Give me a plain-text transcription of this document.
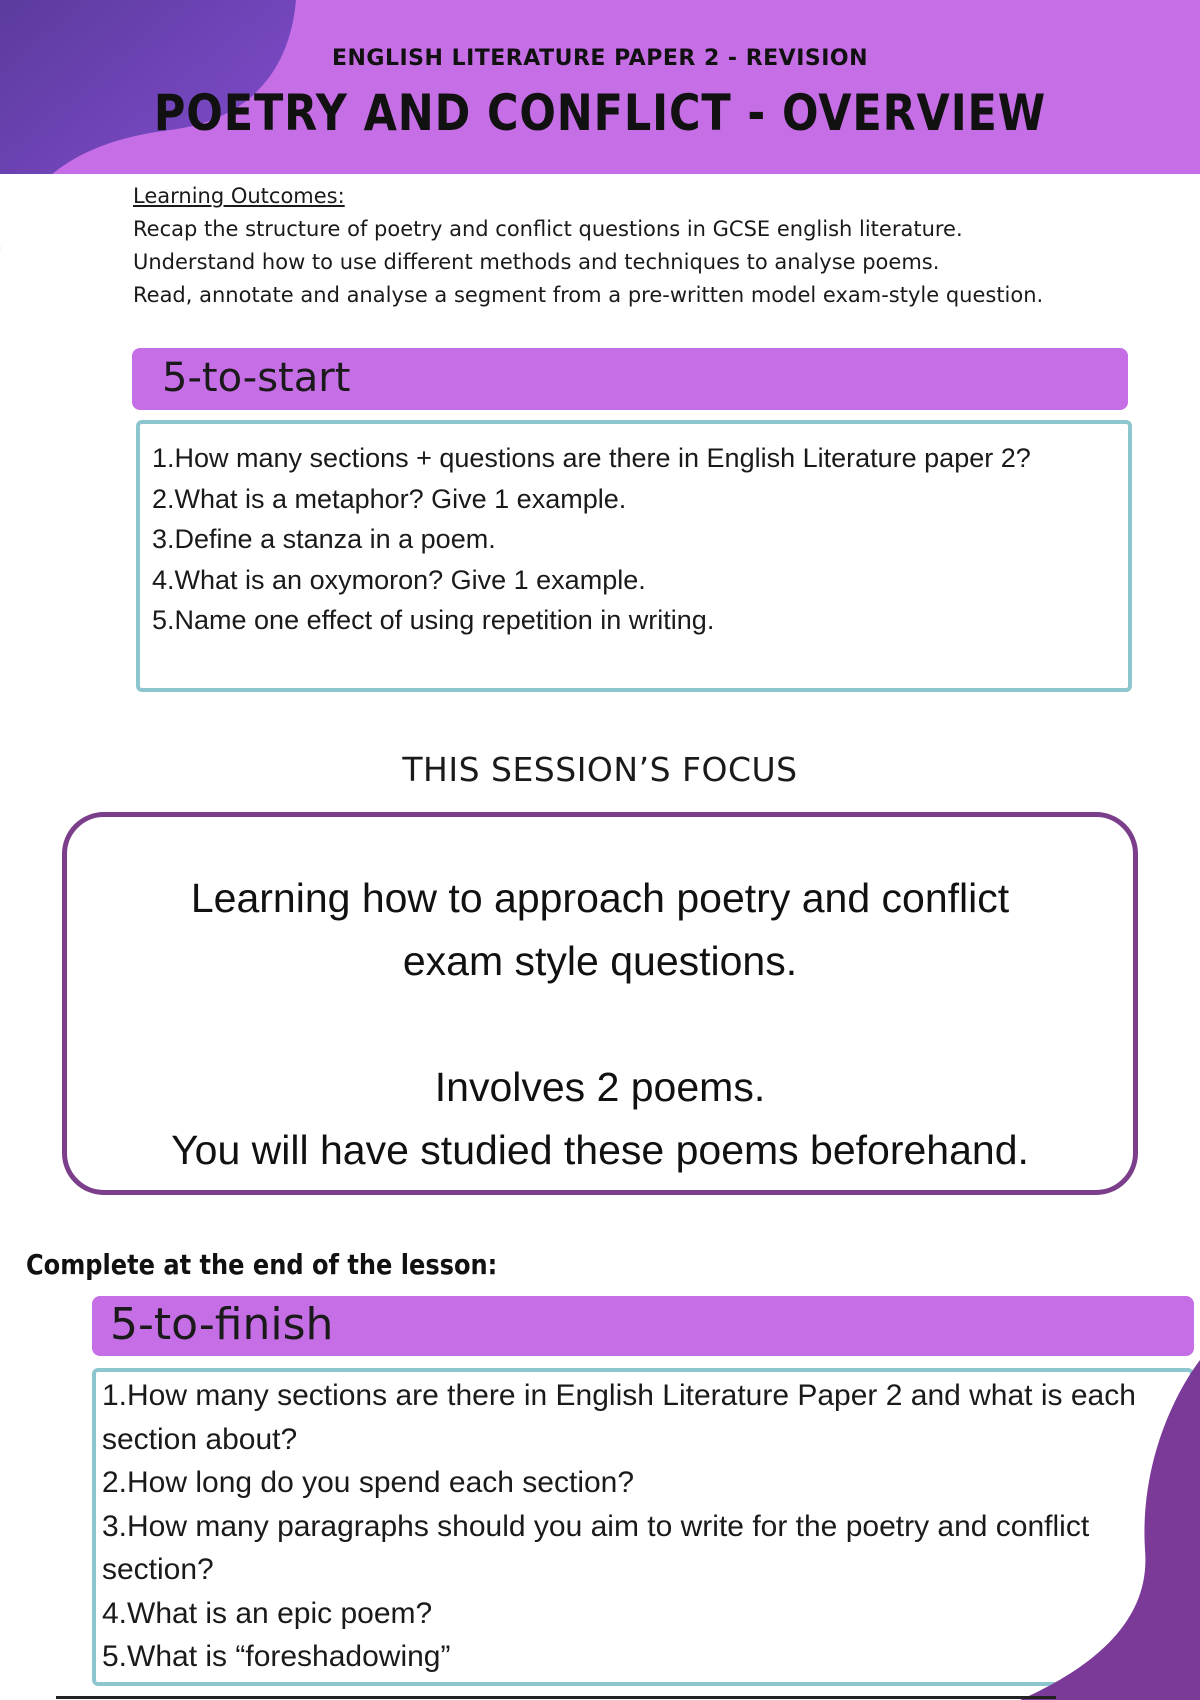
ENGLISH LITERATURE PAPER 2 - REVISION
POETRY AND CONFLICT - OVERVIEW
Learning Outcomes:
Recap the structure of poetry and conflict questions in GCSE english literature.
Understand how to use different methods and techniques to analyse poems.
Read, annotate and analyse a segment from a pre-written model exam-style question.
5-to-start
1.How many sections + questions are there in English Literature paper 2?
2.What is a metaphor? Give 1 example.
3.Define a stanza in a poem.
4.What is an oxymoron? Give 1 example.
5.Name one effect of using repetition in writing.
THIS SESSION’S FOCUS
Learning how to approach poetry and conflict
exam style questions.
Involves 2 poems.
You will have studied these poems beforehand.
Complete at the end of the lesson:
5-to-finish
1.How many sections are there in English Literature Paper 2 and what is each section about?
2.How long do you spend each section?
3.How many paragraphs should you aim to write for the poetry and conflict section?
4.What is an epic poem?
5.What is “foreshadowing”
